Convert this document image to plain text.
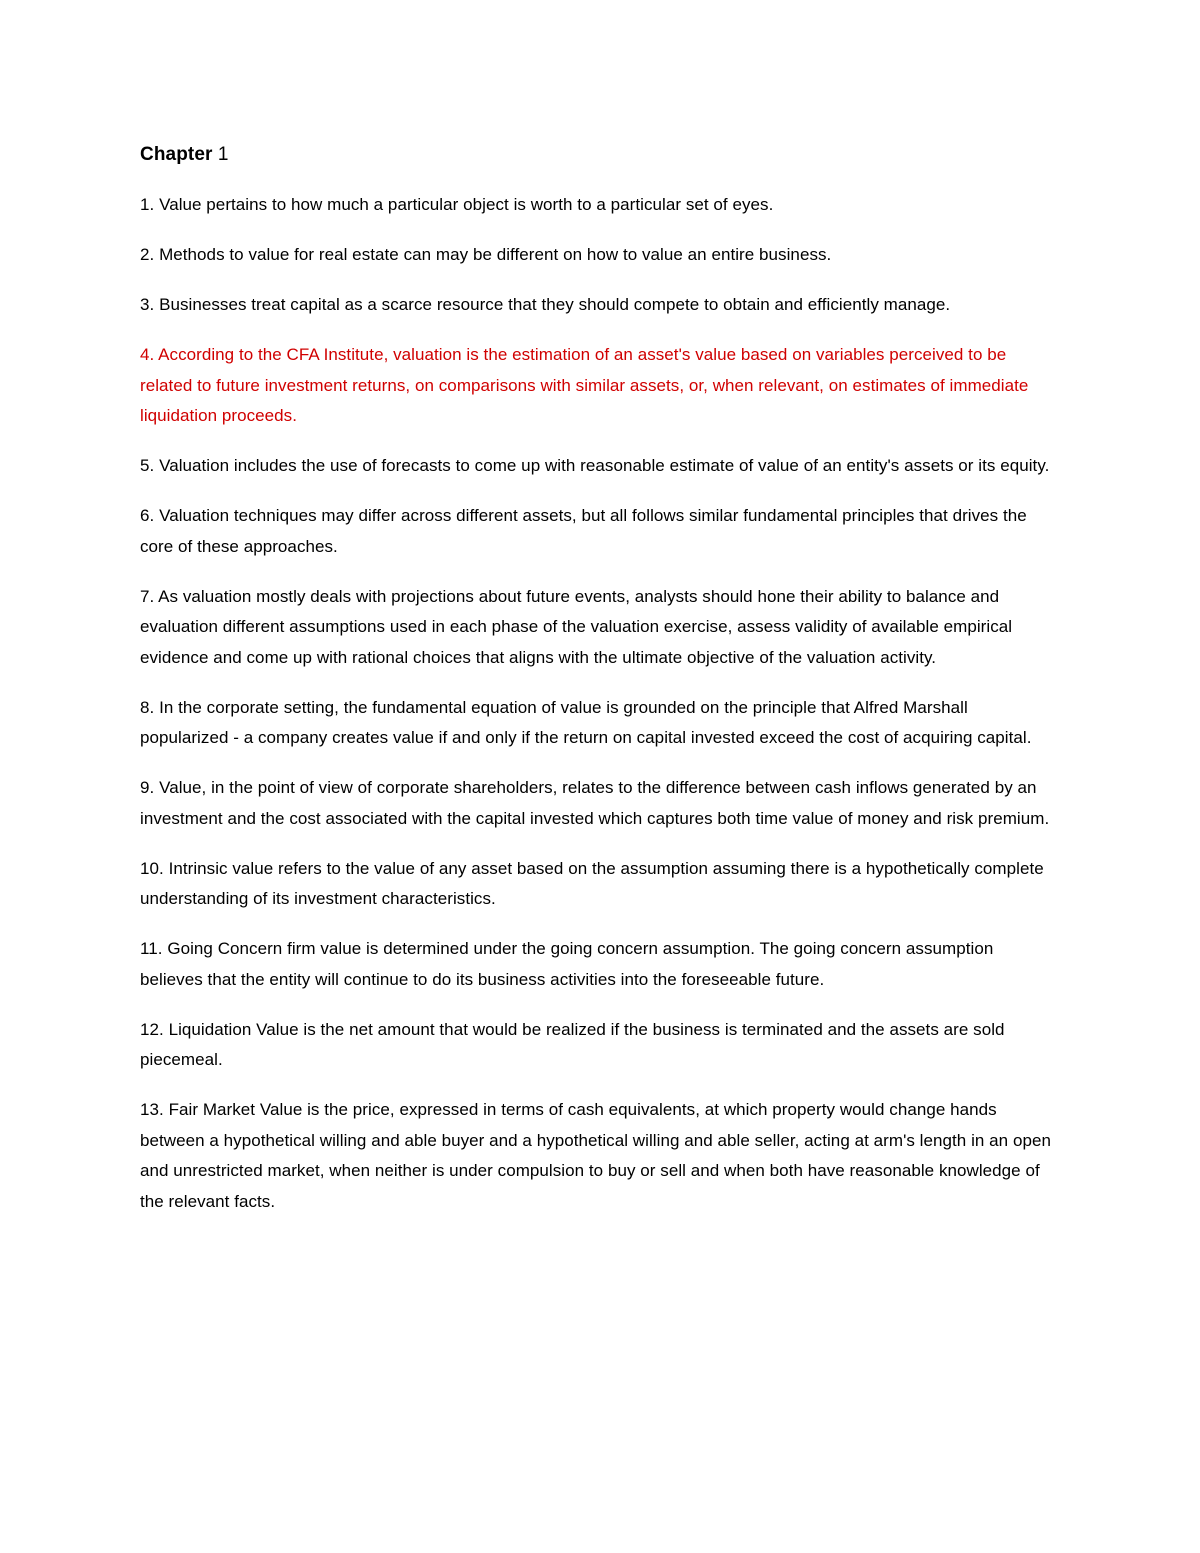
Chapter 1
1. Value pertains to how much a particular object is worth to a particular set of eyes.
2. Methods to value for real estate can may be different on how to value an entire business.
3. Businesses treat capital as a scarce resource that they should compete to obtain and efficiently manage.
4. According to the CFA Institute, valuation is the estimation of an asset's value based on variables perceived to be related to future investment returns, on comparisons with similar assets, or, when relevant, on estimates of immediate liquidation proceeds.
5. Valuation includes the use of forecasts to come up with reasonable estimate of value of an entity's assets or its equity.
6. Valuation techniques may differ across different assets, but all follows similar fundamental principles that drives the core of these approaches.
7. As valuation mostly deals with projections about future events, analysts should hone their ability to balance and evaluation different assumptions used in each phase of the valuation exercise, assess validity of available empirical evidence and come up with rational choices that aligns with the ultimate objective of the valuation activity.
8. In the corporate setting, the fundamental equation of value is grounded on the principle that Alfred Marshall popularized - a company creates value if and only if the return on capital invested exceed the cost of acquiring capital.
9. Value, in the point of view of corporate shareholders, relates to the difference between cash inflows generated by an investment and the cost associated with the capital invested which captures both time value of money and risk premium.
10. Intrinsic value refers to the value of any asset based on the assumption assuming there is a hypothetically complete understanding of its investment characteristics.
11. Going Concern firm value is determined under the going concern assumption. The going concern assumption believes that the entity will continue to do its business activities into the foreseeable future.
12. Liquidation Value is the net amount that would be realized if the business is terminated and the assets are sold piecemeal.
13. Fair Market Value is the price, expressed in terms of cash equivalents, at which property would change hands between a hypothetical willing and able buyer and a hypothetical willing and able seller, acting at arm's length in an open and unrestricted market, when neither is under compulsion to buy or sell and when both have reasonable knowledge of the relevant facts.
